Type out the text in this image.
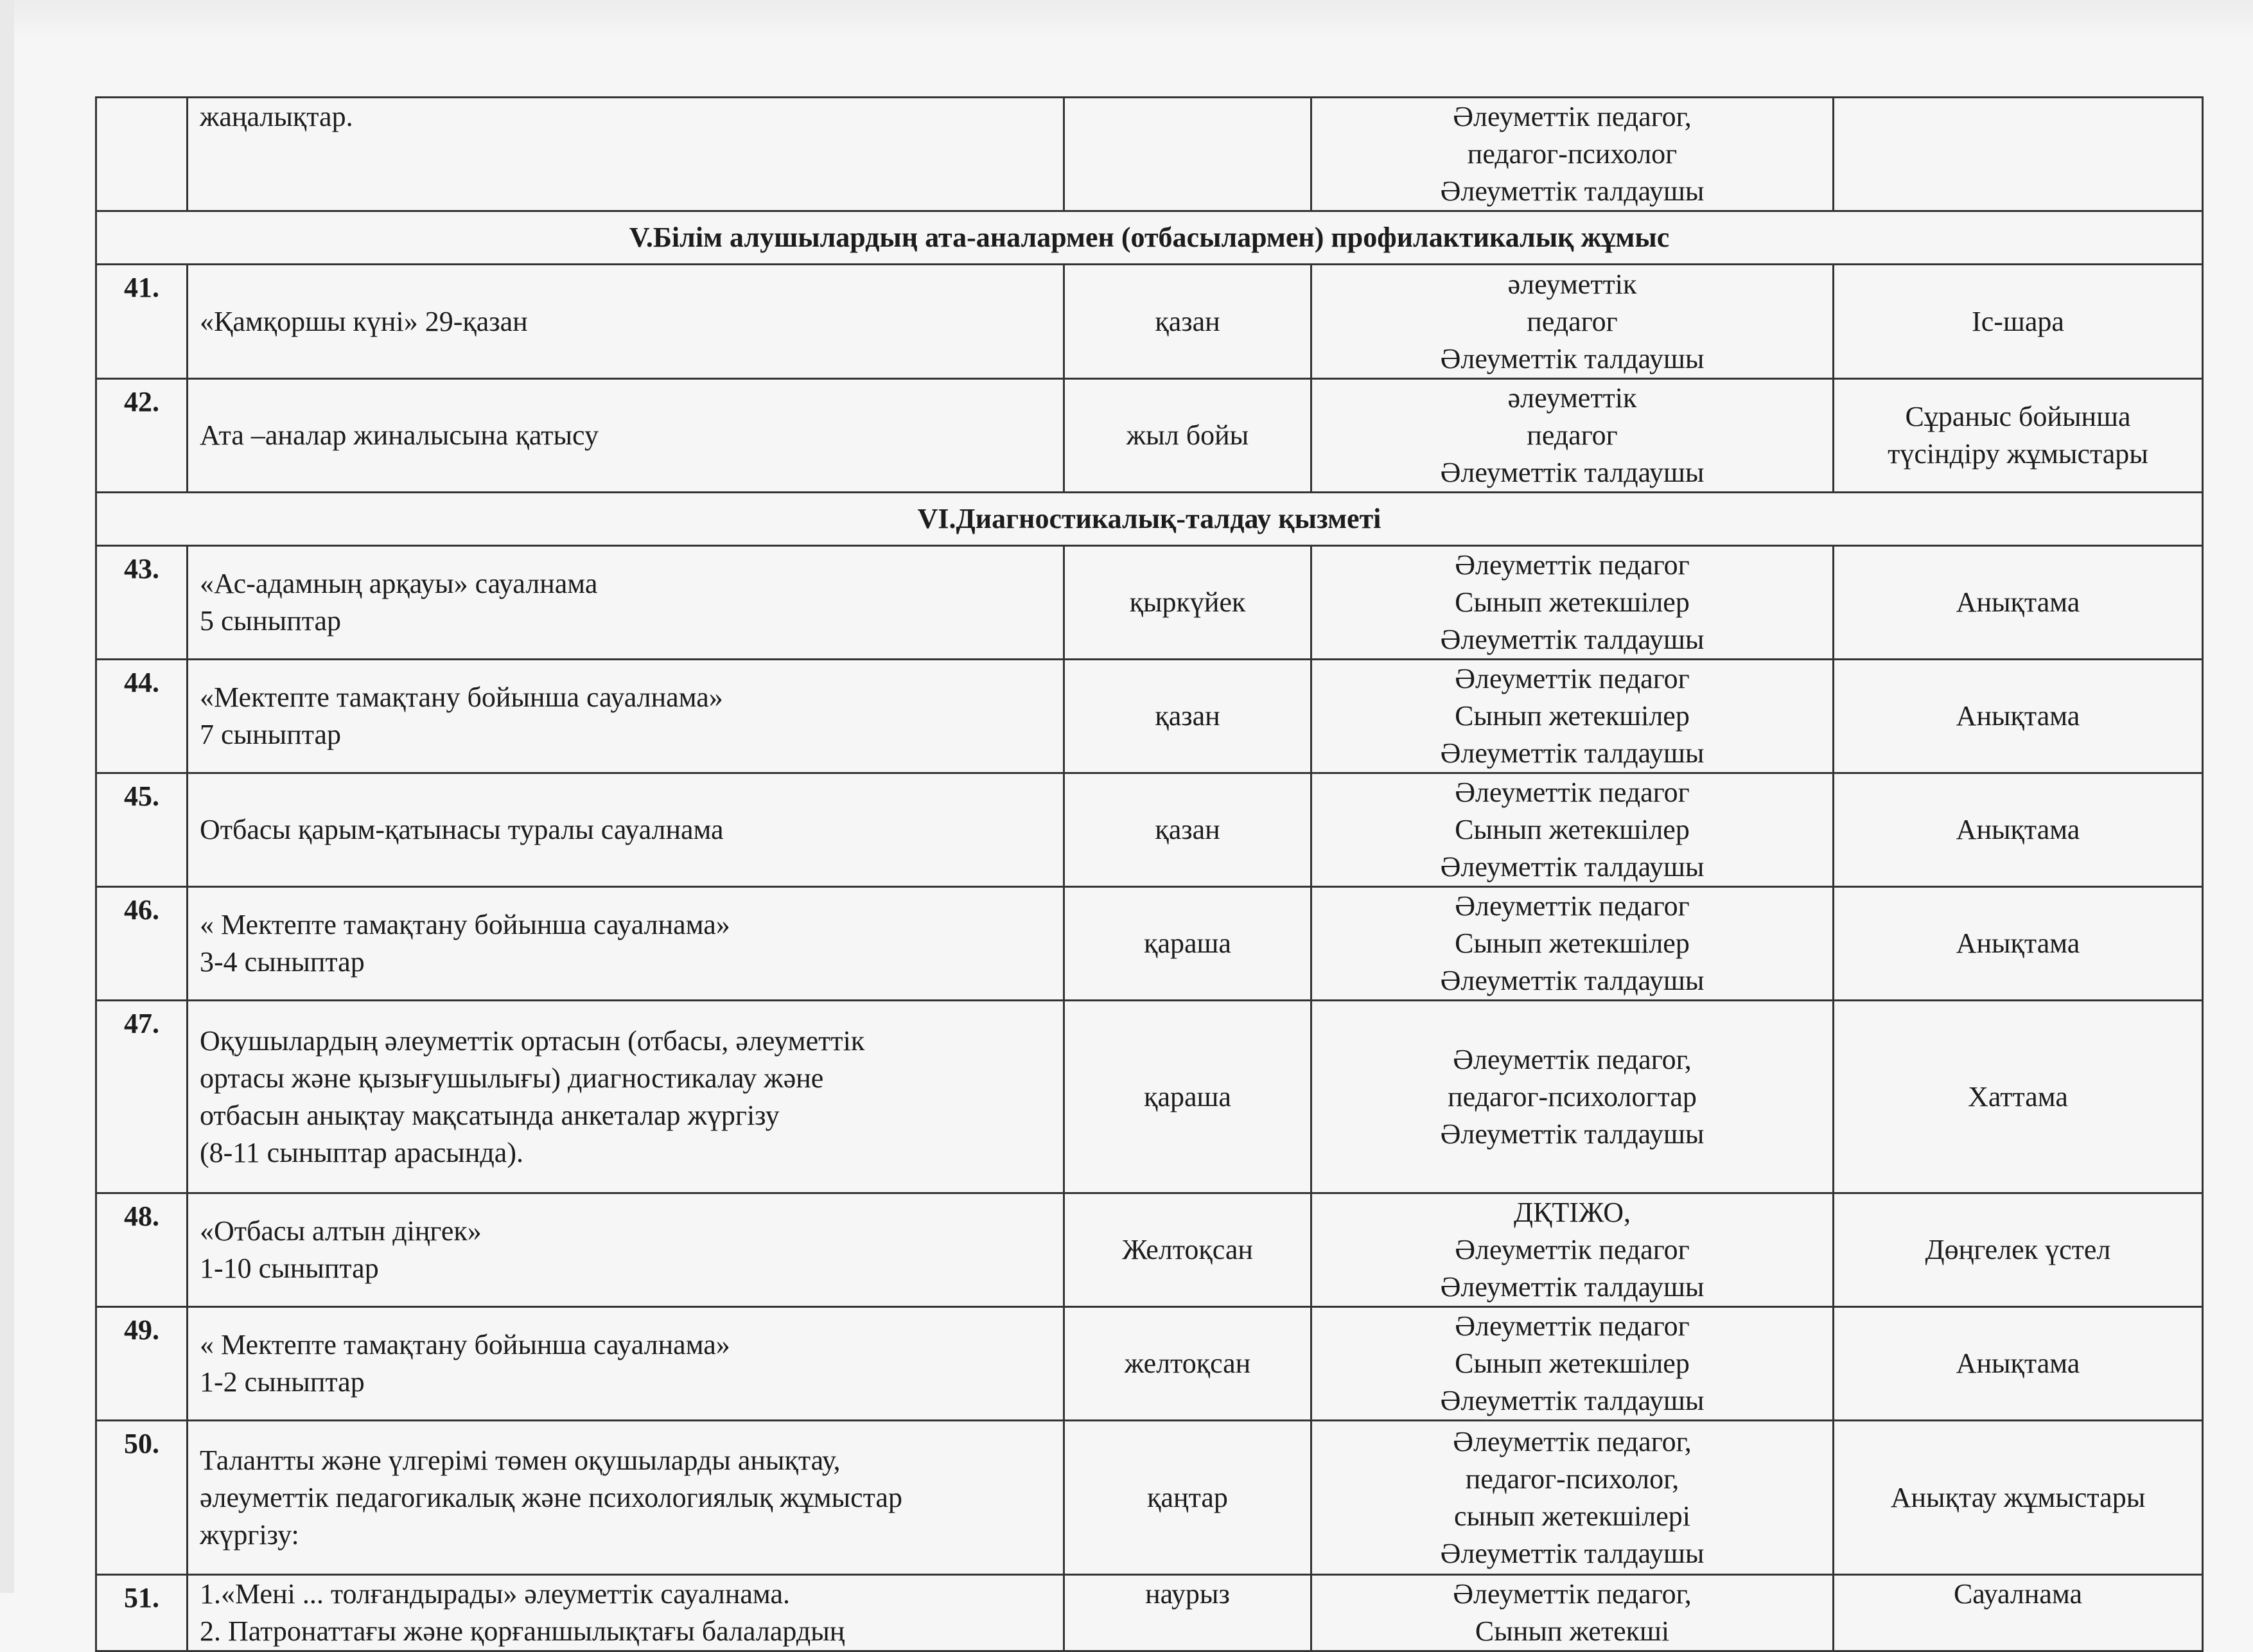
	жаңалықтар.		Әлеуметтік педагог,
педагог-психолог
Әлеуметтік талдаушы	

V.Білім алушылардың ата-аналармен (отбасылармен) профилактикалық жұмыс				
41.	«Қамқоршы күні» 29-қазан	қазан	әлеуметтік
педагог
Әлеуметтік талдаушы	Іс-шара

42.	Ата –аналар жиналысына қатысу	жыл бойы	әлеуметтік
педагог
Әлеуметтік талдаушы	Сұраныс бойынша
түсіндіру жұмыстары

VI.Диагностикалық-талдау қызметі				
43.	«Ас-адамның арқауы» сауалнама
5 сыныптар	қыркүйек	Әлеуметтік педагог
Сынып жетекшілер
Әлеуметтік талдаушы	Анықтама

44.	«Мектепте тамақтану бойынша сауалнама»
7 сыныптар	қазан	Әлеуметтік педагог
Сынып жетекшілер
Әлеуметтік талдаушы	Анықтама

45.	Отбасы қарым-қатынасы туралы сауалнама	қазан	Әлеуметтік педагог
Сынып жетекшілер
Әлеуметтік талдаушы	Анықтама

46.	« Мектепте тамақтану бойынша сауалнама»
3-4 сыныптар	қараша	Әлеуметтік педагог
Сынып жетекшілер
Әлеуметтік талдаушы	Анықтама

47.	Оқушылардың әлеуметтік ортасын (отбасы, әлеуметтік
ортасы және қызығушылығы) диагностикалау және
отбасын анықтау мақсатында анкеталар жүргізу
(8-11 сыныптар арасында).	қараша	Әлеуметтік педагог,
педагог-психологтар
Әлеуметтік талдаушы	Хаттама

48.	«Отбасы алтын діңгек»
1-10 сыныптар	Желтоқсан	ДҚТІЖО,
Әлеуметтік педагог
Әлеуметтік талдаушы	Дөңгелек үстел

49.	« Мектепте тамақтану бойынша сауалнама»
1-2 сыныптар	желтоқсан	Әлеуметтік педагог
Сынып жетекшілер
Әлеуметтік талдаушы	Анықтама

50.	Талантты және үлгерімі төмен оқушыларды анықтау,
әлеуметтік педагогикалық және психологиялық жұмыстар
жүргізу:	қаңтар	Әлеуметтік педагог,
педагог-психолог,
сынып жетекшілері
Әлеуметтік талдаушы	Анықтау жұмыстары

51.	1.«Мені ... толғандырады» әлеуметтік сауалнама.
2. Патронаттағы және қорғаншылықтағы балалардың	наурыз	Әлеуметтік педагог,
Сынып жетекші	Сауалнама
